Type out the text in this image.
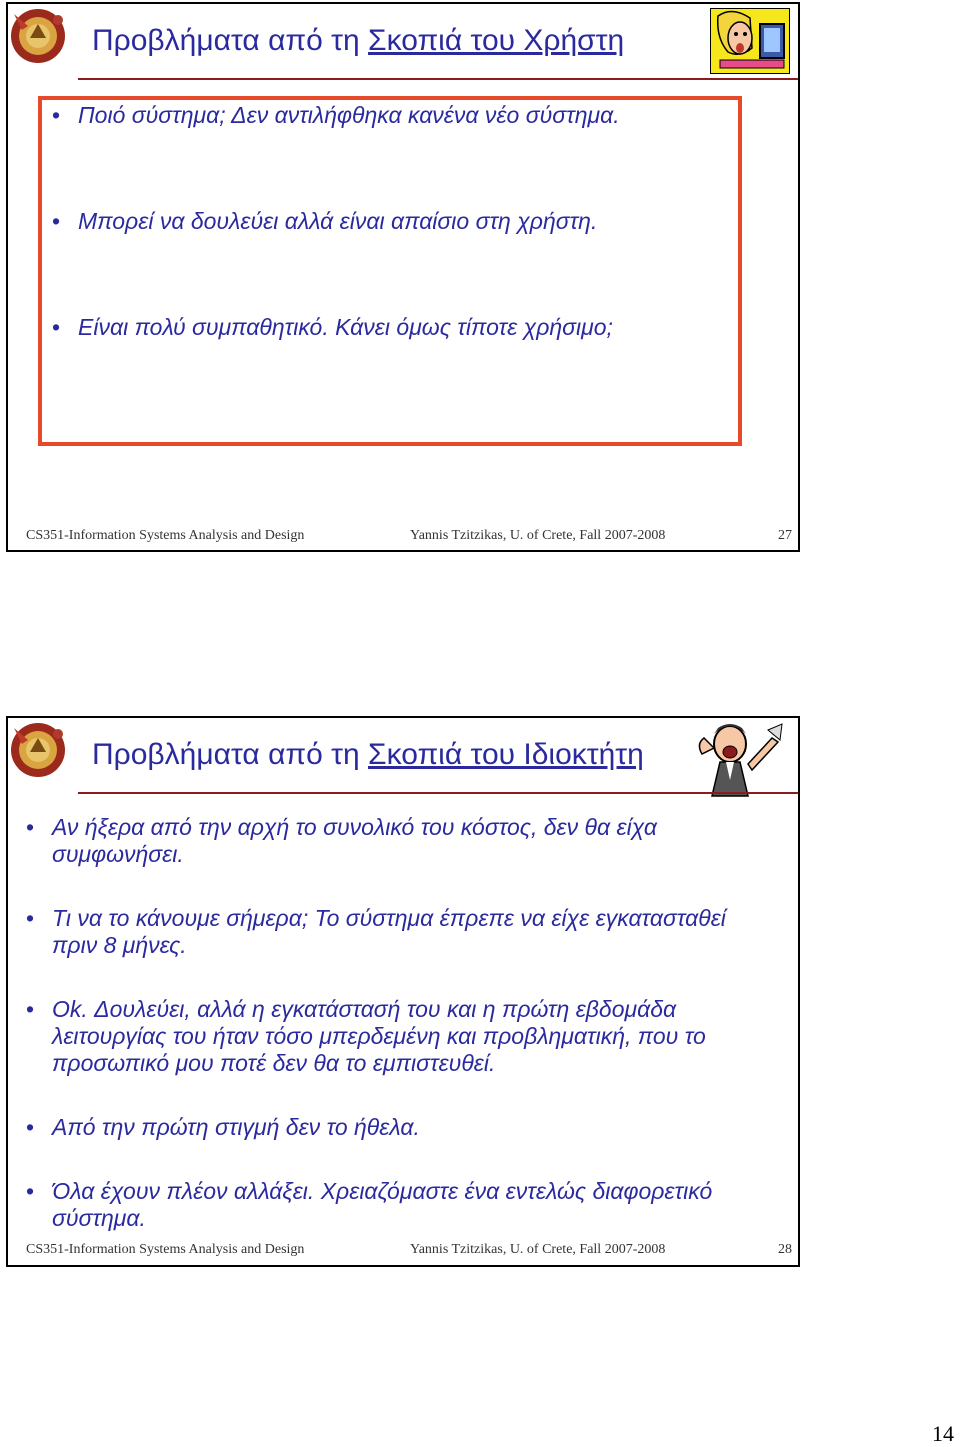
Προβλήματα από τη Σκοπιά του Χρήστη
• Ποιό σύστημα; Δεν αντιλήφθηκα κανένα νέο σύστημα.
• Μπορεί να δουλεύει αλλά είναι απαίσιο στη χρήστη.
• Είναι πολύ συμπαθητικό. Κάνει όμως τίποτε χρήσιμο;
CS351-Information Systems Analysis and Design	Yannis Tzitzikas, U. of Crete, Fall 2007-2008	27
Προβλήματα από τη Σκοπιά του Ιδιοκτήτη
• Αν ήξερα από την αρχή το συνολικό του κόστος, δεν θα είχα συμφωνήσει.
• Τι να το κάνουμε σήμερα; Το σύστημα έπρεπε να είχε εγκατασταθεί πριν 8 μήνες.
• Ok. Δουλεύει, αλλά η εγκατάστασή του και η πρώτη εβδομάδα λειτουργίας του ήταν τόσο μπερδεμένη και προβληματική, που το προσωπικό μου ποτέ δεν θα το εμπιστευθεί.
• Από την πρώτη στιγμή δεν το ήθελα.
• Όλα έχουν πλέον αλλάξει. Χρειαζόμαστε ένα εντελώς διαφορετικό σύστημα.
CS351-Information Systems Analysis and Design	Yannis Tzitzikas, U. of Crete, Fall 2007-2008	28
14
